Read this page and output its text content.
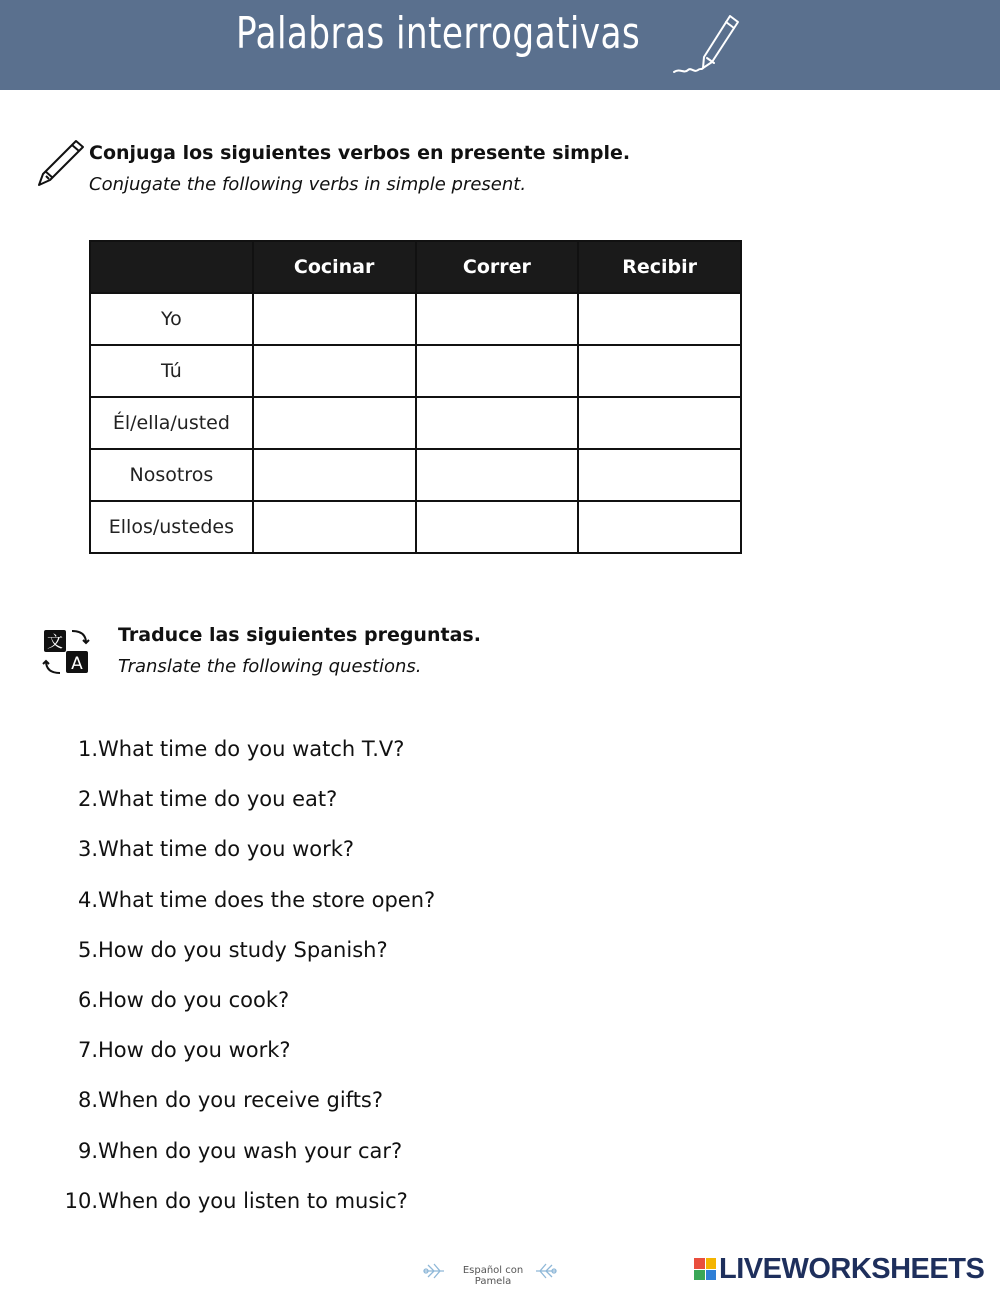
Palabras interrogativas
Conjuga los siguientes verbos en presente simple.
Conjugate the following verbs in simple present.
	Cocinar	Correr	Recibir
Yo			
Tú			
Él/ella/usted			
Nosotros			
Ellos/ustedes			
文
A
Traduce las siguientes preguntas.
Translate the following questions.
1. What time do you watch T.V?
2. What time do you eat?
3. What time do you work?
4. What time does the store open?
5. How do you study Spanish?
6. How do you cook?
7. How do you work?
8. When do you receive gifts?
9. When do you wash your car?
10. When do you listen to music?
Español con Pamela	LIVEWORKSHEETS
